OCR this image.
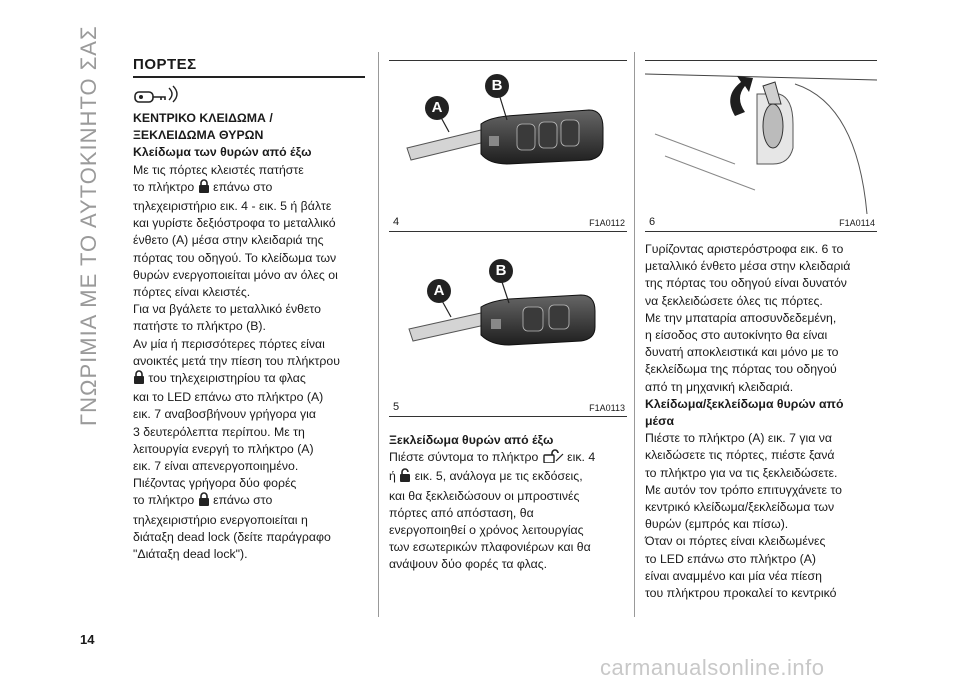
ΓΝΩΡΙΜΙΑ ΜΕ ΤΟ ΑΥΤΟΚΙΝΗΤΟ ΣΑΣ
14
carmanualsonline.info
ΠΟΡΤΕΣ
ΚΕΝΤΡΙΚΟ ΚΛΕΙΔΩΜΑ /
ΞΕΚΛΕΙΔΩΜΑ ΘΥΡΩΝ
Κλείδωμα των θυρών από έξω
Με τις πόρτες κλειστές πατήστε
το πλήκτρο επάνω στο
τηλεχειριστήριο εικ. 4 - εικ. 5 ή βάλτε
και γυρίστε δεξιόστροφα το μεταλλικό
ένθετο (A) μέσα στην κλειδαριά της
πόρτας του οδηγού. Το κλείδωμα των
θυρών ενεργοποιείται μόνο αν όλες οι
πόρτες είναι κλειστές.
Για να βγάλετε το μεταλλικό ένθετο
πατήστε το πλήκτρο (B).
Αν μία ή περισσότερες πόρτες είναι
ανοικτές μετά την πίεση του πλήκτρου
του τηλεχειριστηρίου τα φλας
και το LED επάνω στο πλήκτρο (A)
εικ. 7 αναβοσβήνουν γρήγορα για
3 δευτερόλεπτα περίπου. Με τη
λειτουργία ενεργή το πλήκτρο (A)
εικ. 7 είναι απενεργοποιημένο.
Πιέζοντας γρήγορα δύο φορές
το πλήκτρο επάνω στο
τηλεχειριστήριο ενεργοποιείται η
διάταξη dead lock (δείτε παράγραφο
"Διάταξη dead lock").
A
B
4	F1A0112
A
B
5	F1A0113
Ξεκλείδωμα θυρών από έξω
Πιέστε σύντομα το πλήκτρο εικ. 4
ή εικ. 5, ανάλογα με τις εκδόσεις,
και θα ξεκλειδώσουν οι μπροστινές
πόρτες από απόσταση, θα
ενεργοποιηθεί ο χρόνος λειτουργίας
των εσωτερικών πλαφονιέρων και θα
ανάψουν δύο φορές τα φλας.
6	F1A0114
Γυρίζοντας αριστερόστροφα εικ. 6 το
μεταλλικό ένθετο μέσα στην κλειδαριά
της πόρτας του οδηγού είναι δυνατόν
να ξεκλειδώσετε όλες τις πόρτες.
Με την μπαταρία αποσυνδεδεμένη,
η είσοδος στο αυτοκίνητο θα είναι
δυνατή αποκλειστικά και μόνο με το
ξεκλείδωμα της πόρτας του οδηγού
από τη μηχανική κλειδαριά.
Κλείδωμα/ξεκλείδωμα θυρών από
μέσα
Πιέστε το πλήκτρο (A) εικ. 7 για να
κλειδώσετε τις πόρτες, πιέστε ξανά
το πλήκτρο για να τις ξεκλειδώσετε.
Με αυτόν τον τρόπο επιτυγχάνετε το
κεντρικό κλείδωμα/ξεκλείδωμα των
θυρών (εμπρός και πίσω).
Όταν οι πόρτες είναι κλειδωμένες
το LED επάνω στο πλήκτρο (A)
είναι αναμμένο και μία νέα πίεση
του πλήκτρου προκαλεί το κεντρικό
